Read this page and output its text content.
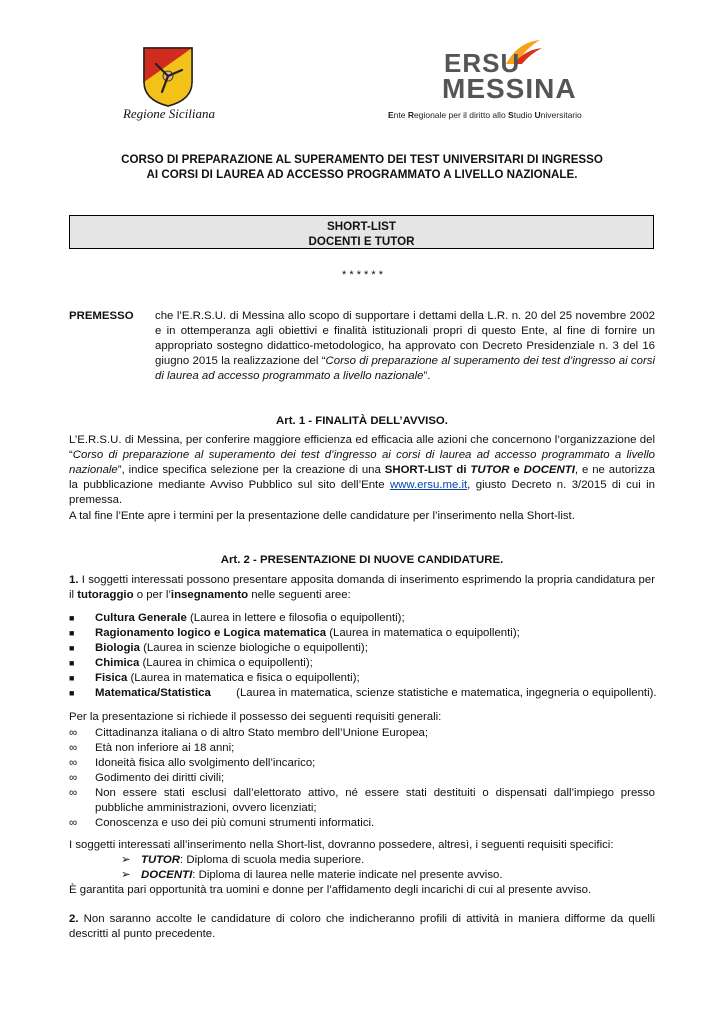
Regione Siciliana
ERSU
MESSINA
Ente Regionale per il diritto allo Studio Universitario
CORSO DI PREPARAZIONE AL SUPERAMENTO DEI TEST UNIVERSITARI DI INGRESSO
AI CORSI DI LAUREA AD ACCESSO PROGRAMMATO A LIVELLO NAZIONALE.
SHORT-LIST
DOCENTI E TUTOR
* * * * * *
PREMESSO che l’E.R.S.U. di Messina allo scopo di supportare i dettami della L.R. n. 20 del 25 novembre 2002 e in ottemperanza agli obiettivi e finalità istituzionali propri di questo Ente, al fine di fornire un appropriato sostegno didattico-metodologico, ha approvato con Decreto Presidenziale n. 3 del 16 giugno 2015 la realizzazione del “Corso di preparazione al superamento dei test d’ingresso ai corsi di laurea ad accesso programmato a livello nazionale”.
Art. 1 - FINALITÀ DELL’AVVISO.
L’E.R.S.U. di Messina, per conferire maggiore efficienza ed efficacia alle azioni che concernono l’organizzazione del “Corso di preparazione al superamento dei test d’ingresso ai corsi di laurea ad accesso programmato a livello nazionale”, indice specifica selezione per la creazione di una SHORT-LIST di TUTOR e DOCENTI, e ne autorizza la pubblicazione mediante Avviso Pubblico sul sito dell’Ente www.ersu.me.it, giusto Decreto n. 3/2015 di cui in premessa.
A tal fine l’Ente apre i termini per la presentazione delle candidature per l’inserimento nella Short-list.
Art. 2 - PRESENTAZIONE DI NUOVE CANDIDATURE.
1. I soggetti interessati possono presentare apposita domanda di inserimento esprimendo la propria candidatura per il tutoraggio o per l’insegnamento nelle seguenti aree:
■ Cultura Generale (Laurea in lettere e filosofia o equipollenti);
■ Ragionamento logico e Logica matematica (Laurea in matematica o equipollenti);
■ Biologia (Laurea in scienze biologiche o equipollenti);
■ Chimica (Laurea in chimica o equipollenti);
■ Fisica (Laurea in matematica e fisica o equipollenti);
■ Matematica/Statistica        (Laurea in matematica, scienze statistiche e matematica, ingegneria o equipollenti).
Per la presentazione si richiede il possesso dei seguenti requisiti generali:
∞ Cittadinanza italiana o di altro Stato membro dell’Unione Europea;
∞ Età non inferiore ai 18 anni;
∞ Idoneità fisica allo svolgimento dell’incarico;
∞ Godimento dei diritti civili;
∞ Non essere stati esclusi dall’elettorato attivo, né essere stati destituiti o dispensati dall’impiego presso pubbliche amministrazioni, ovvero licenziati;
∞ Conoscenza e uso dei più comuni strumenti informatici.
I soggetti interessati all’inserimento nella Short-list, dovranno possedere, altresì, i seguenti requisiti specifici:
➢ TUTOR: Diploma di scuola media superiore.
➢ DOCENTI: Diploma di laurea nelle materie indicate nel presente avviso.
È garantita pari opportunità tra uomini e donne per l’affidamento degli incarichi di cui al presente avviso.
2. Non saranno accolte le candidature di coloro che indicheranno profili di attività in maniera difforme da quelli descritti al punto precedente.
